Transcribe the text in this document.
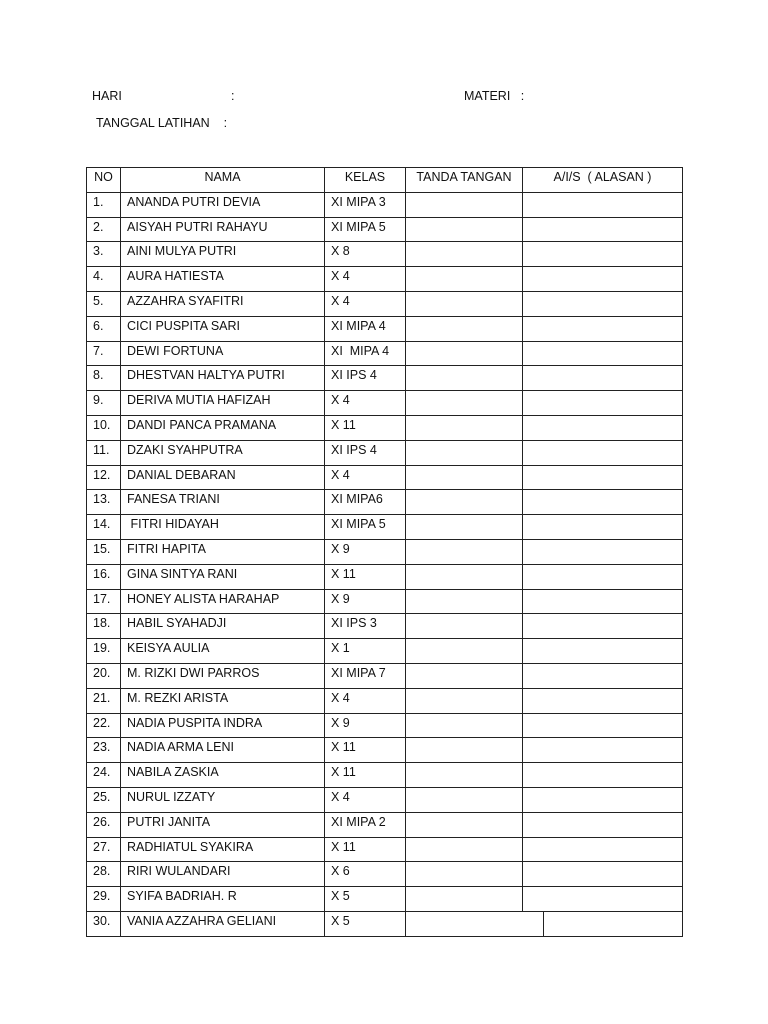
HARI	:	MATERI   :
TANGGAL LATIHAN    :
NO	NAMA	KELAS	TANDA TANGAN	A/I/S  ( ALASAN )
1.	ANANDA PUTRI DEVIA	XI MIPA 3		
2.	AISYAH PUTRI RAHAYU	XI MIPA 5		
3.	AINI MULYA PUTRI	X 8		
4.	AURA HATIESTA	X 4		
5.	AZZAHRA SYAFITRI	X 4		
6.	CICI PUSPITA SARI	XI MIPA 4		
7.	DEWI FORTUNA	XI  MIPA 4		
8.	DHESTVAN HALTYA PUTRI	XI IPS 4		
9.	DERIVA MUTIA HAFIZAH	X 4		
10.	DANDI PANCA PRAMANA	X 11		
11.	DZAKI SYAHPUTRA	XI IPS 4		
12.	DANIAL DEBARAN	X 4		
13.	FANESA TRIANI	XI MIPA6		
14.	FITRI HIDAYAH	XI MIPA 5		
15.	FITRI HAPITA	X 9		
16.	GINA SINTYA RANI	X 11		
17.	HONEY ALISTA HARAHAP	X 9		
18.	HABIL SYAHADJI	XI IPS 3		
19.	KEISYA AULIA	X 1		
20.	M. RIZKI DWI PARROS	XI MIPA 7		
21.	M. REZKI ARISTA	X 4		
22.	NADIA PUSPITA INDRA	X 9		
23.	NADIA ARMA LENI	X 11		
24.	NABILA ZASKIA	X 11		
25.	NURUL IZZATY	X 4		
26.	PUTRI JANITA	XI MIPA 2		
27.	RADHIATUL SYAKIRA	X 11		
28.	RIRI WULANDARI	X 6		
29.	SYIFA BADRIAH. R	X 5		
30.	VANIA AZZAHRA GELIANI	X 5		
